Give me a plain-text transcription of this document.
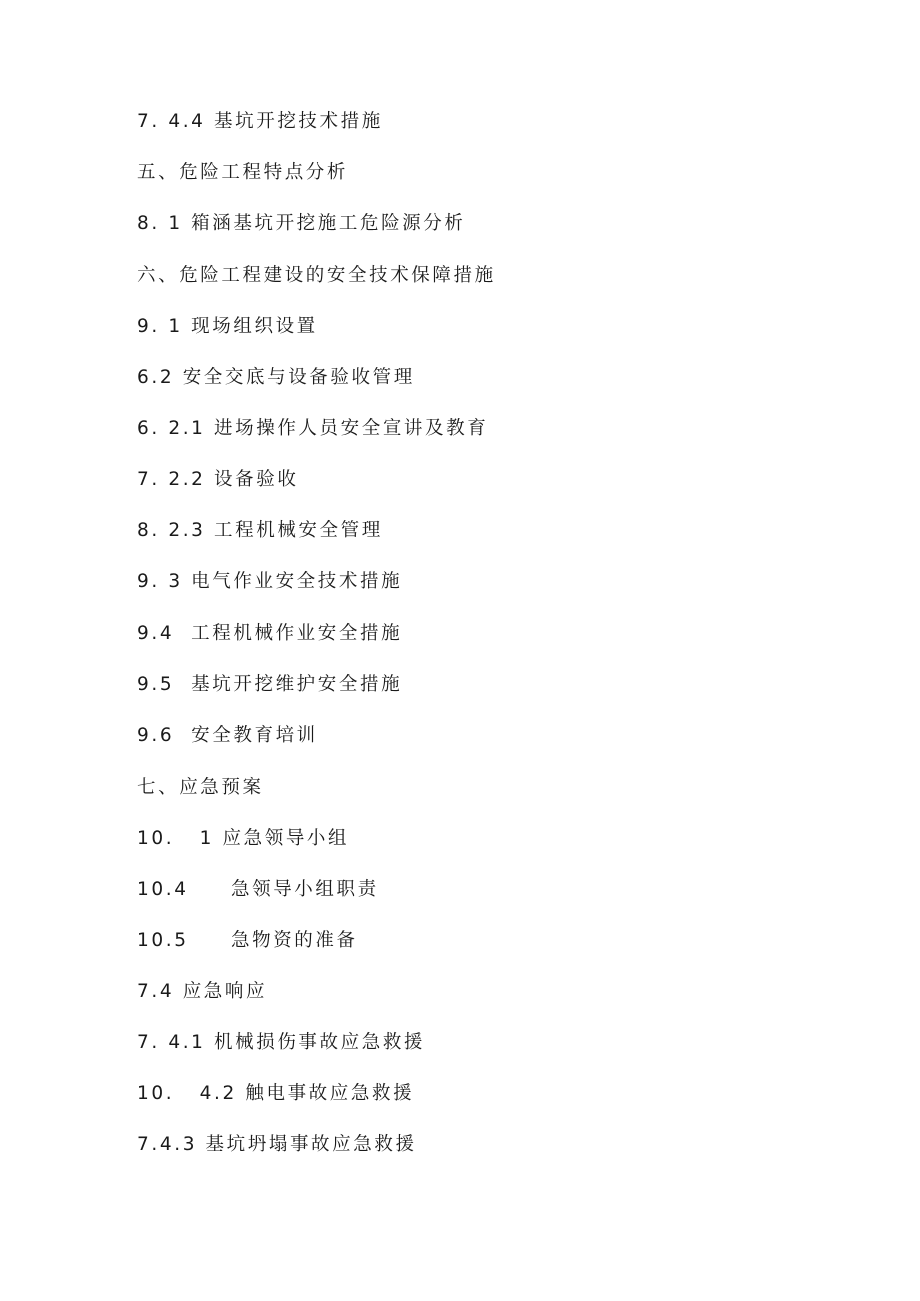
7. 4.4 基坑开挖技术措施
五、危险工程特点分析
8. 1 箱涵基坑开挖施工危险源分析
六、危险工程建设的安全技术保障措施
9. 1 现场组织设置
6.2 安全交底与设备验收管理
6. 2.1 进场操作人员安全宣讲及教育
7. 2.2 设备验收
8. 2.3 工程机械安全管理
9. 3 电气作业安全技术措施
9.4  工程机械作业安全措施
9.5  基坑开挖维护安全措施
9.6  安全教育培训
七、应急预案
10.   1 应急领导小组
10.4     急领导小组职责
10.5     急物资的准备
7.4 应急响应
7. 4.1 机械损伤事故应急救援
10.   4.2 触电事故应急救援
7.4.3 基坑坍塌事故应急救援
